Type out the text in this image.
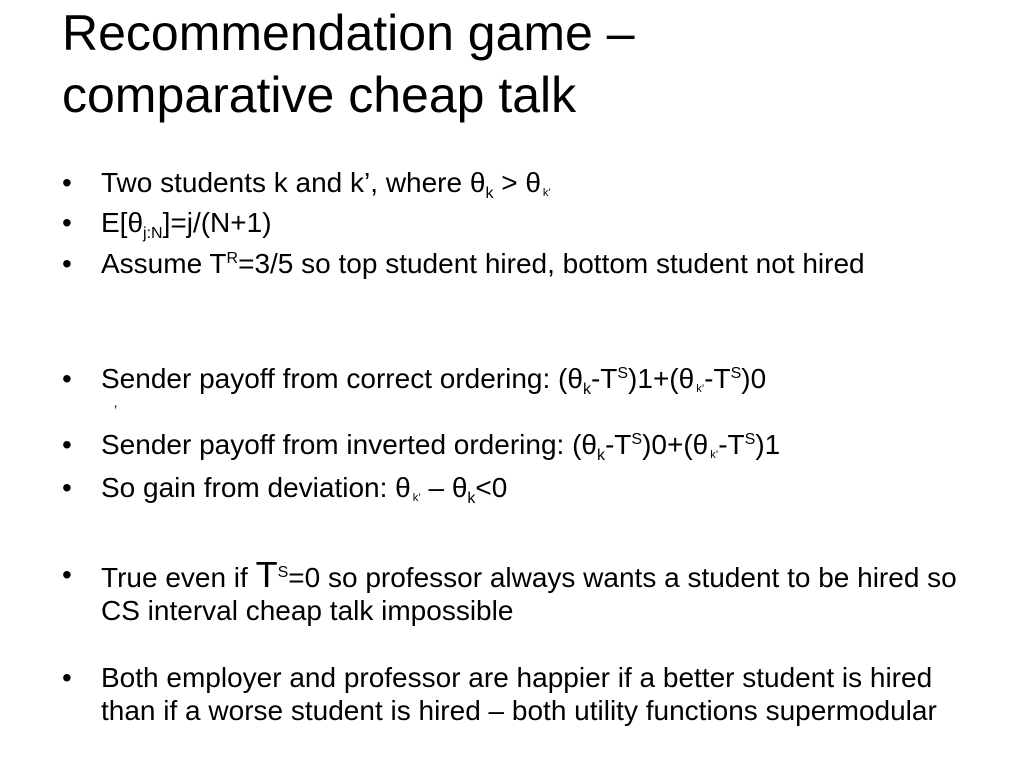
Recommendation game –
comparative cheap talk
•	Two students k and k’, where $\theta_k > \theta$ $_{k’}$
•	$E[\theta_{j:N}]=j/(N+1)$
•	Assume $T^R=3/5$ so top student hired, bottom student not hired
•	Sender payoff from correct ordering: $(\theta_k-T^S)1+(\theta$ $_{k’}-T^S)0$
•	Sender payoff from inverted ordering: $(\theta_k-T^S)0+(\theta$ $_{k’}-T^S)1$
•	So gain from deviation: θ $_{k’} - \theta_k<0$
•	True even if $T^S=0$ so professor always wants a student to be hired so CS interval cheap talk impossible
•	Both employer and professor are happier if a better student is hired than if a worse student is hired – both utility functions supermodular
’
